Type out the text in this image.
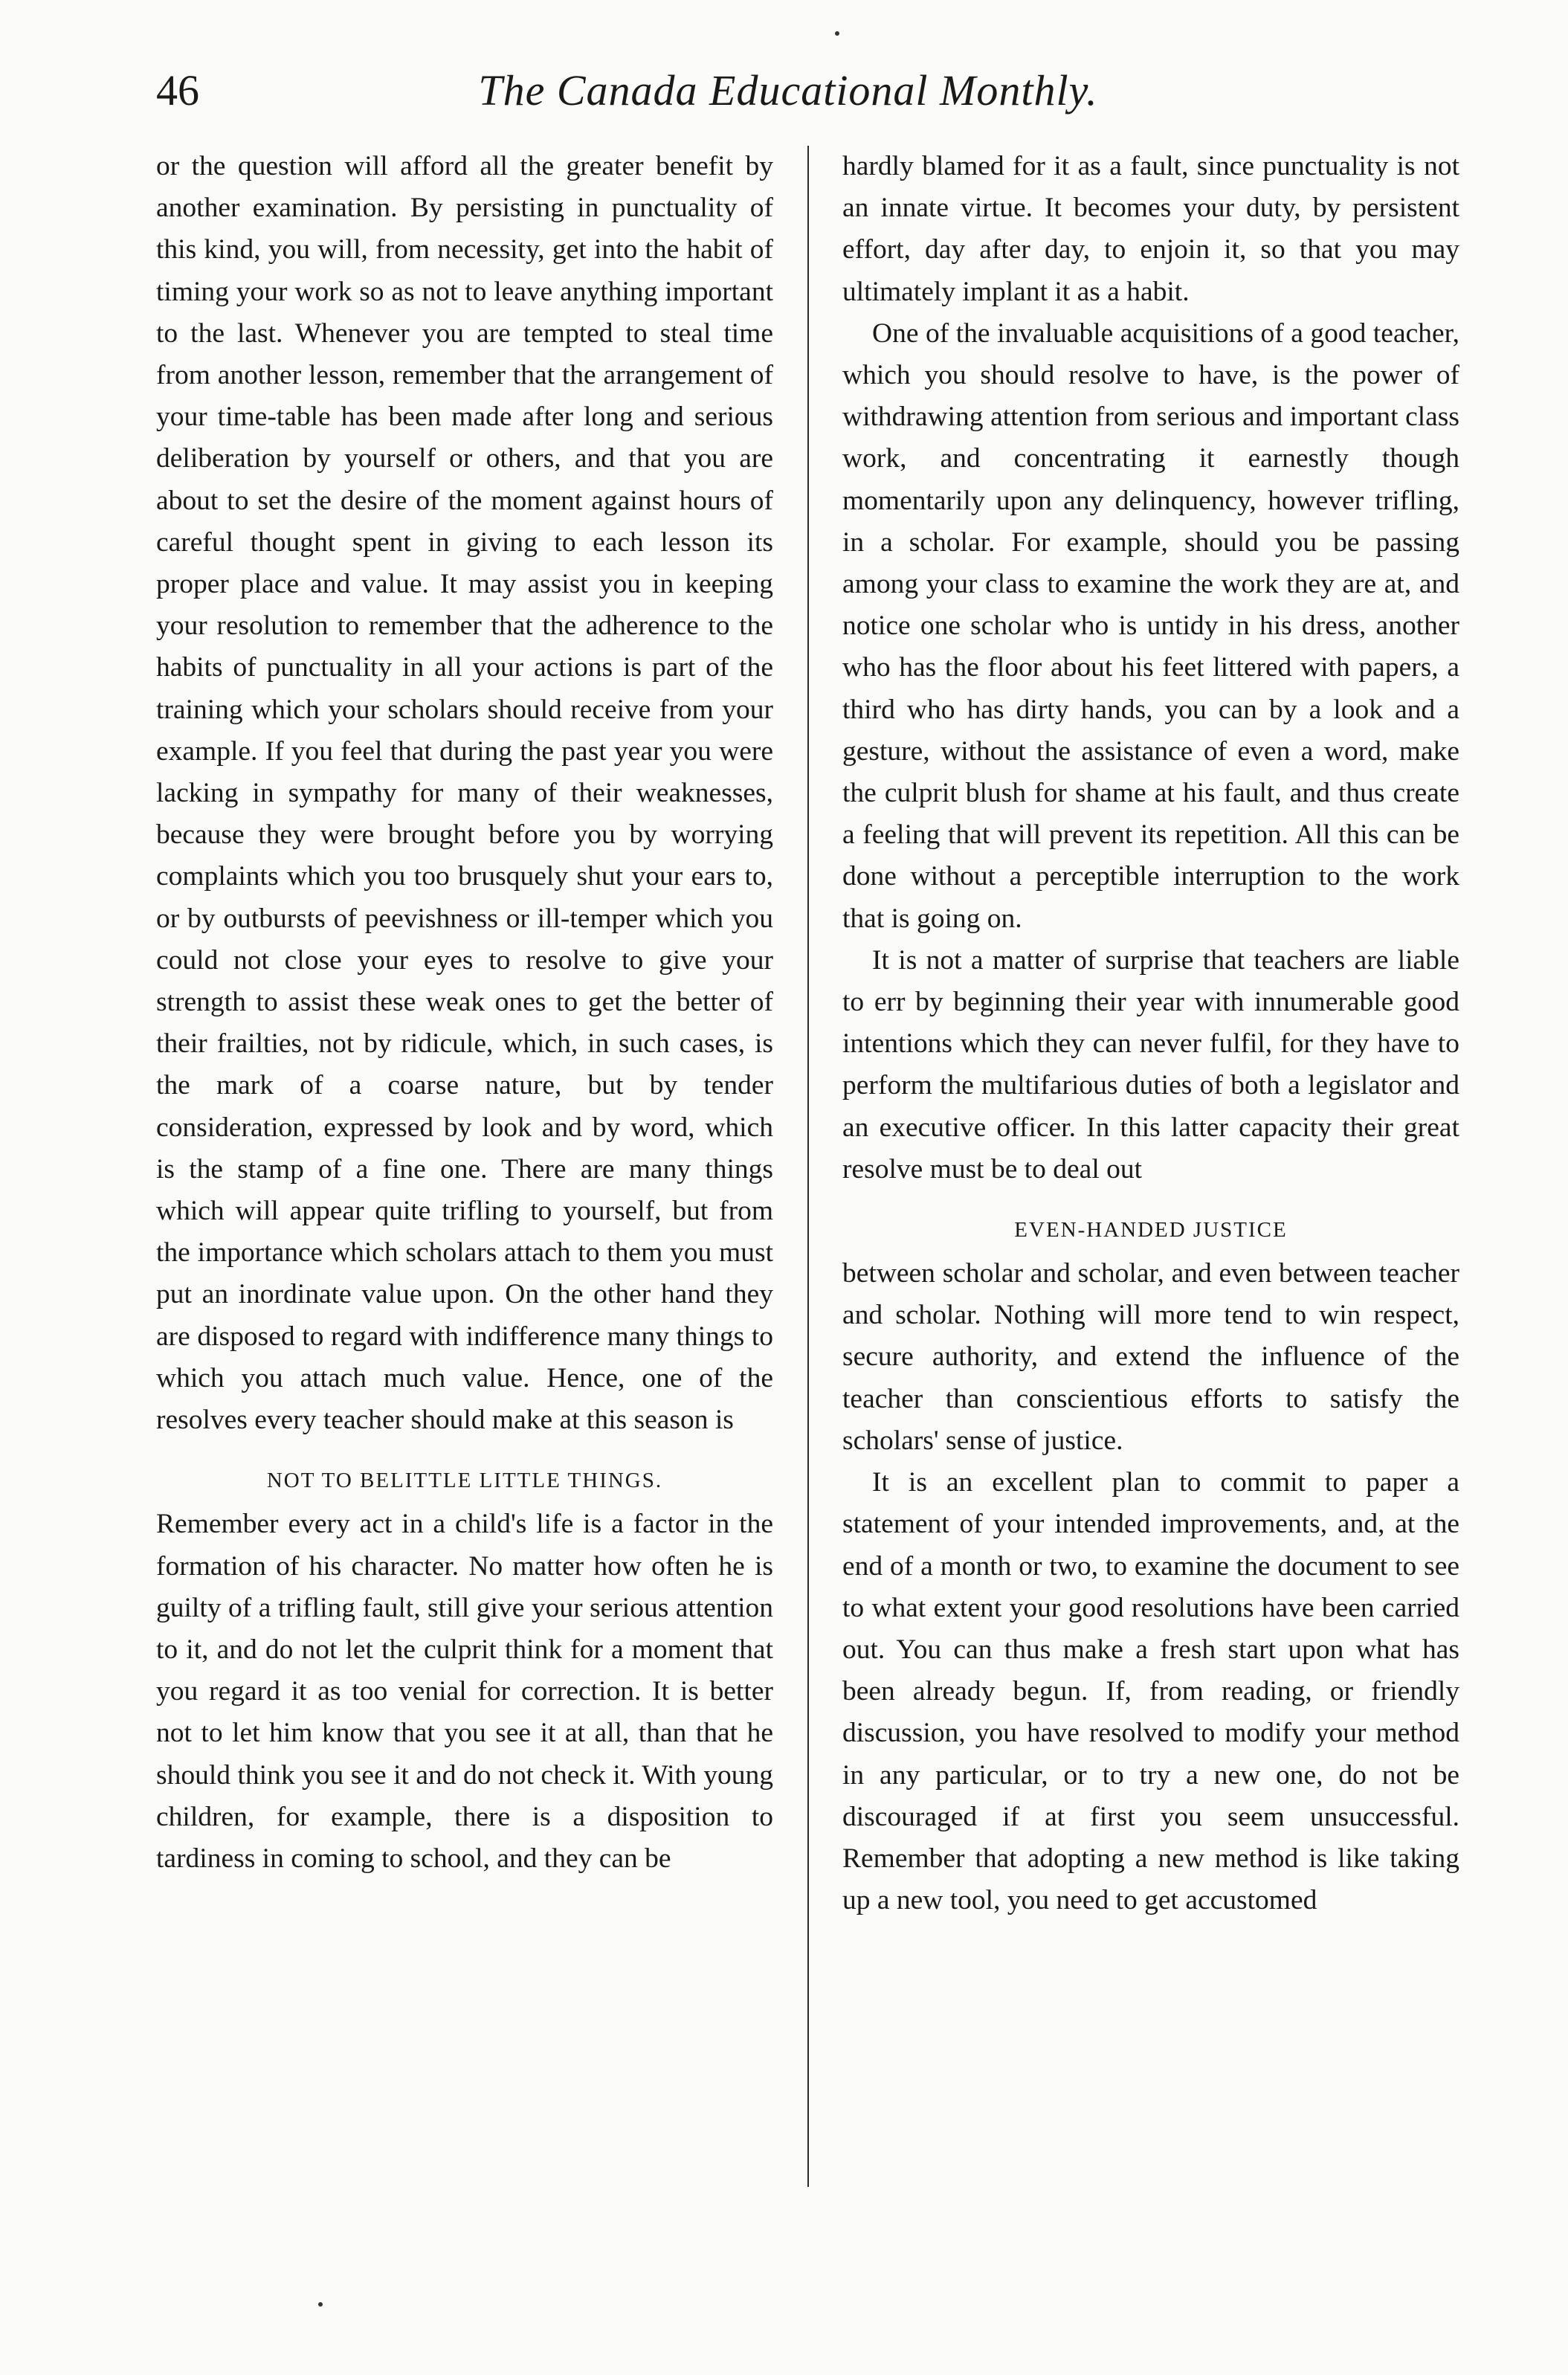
46	The Canada Educational Monthly.

or the question will afford all the greater benefit by another examination. By persisting in punctuality of this kind, you will, from necessity, get into the habit of timing your work so as not to leave anything important to the last. Whenever you are tempted to steal time from another lesson, remember that the arrangement of your time-table has been made after long and serious deliberation by yourself or others, and that you are about to set the desire of the moment against hours of careful thought spent in giving to each lesson its proper place and value. It may assist you in keeping your resolution to remember that the adherence to the habits of punctuality in all your actions is part of the training which your scholars should receive from your example. If you feel that during the past year you were lacking in sympathy for many of their weaknesses, because they were brought before you by worrying complaints which you too brusquely shut your ears to, or by outbursts of peevishness or ill-temper which you could not close your eyes to resolve to give your strength to assist these weak ones to get the better of their frailties, not by ridicule, which, in such cases, is the mark of a coarse nature, but by tender consideration, expressed by look and by word, which is the stamp of a fine one. There are many things which will appear quite trifling to yourself, but from the importance which scholars attach to them you must put an inordinate value upon. On the other hand they are disposed to regard with indifference many things to which you attach much value. Hence, one of the resolves every teacher should make at this season is

NOT TO BELITTLE LITTLE THINGS.

Remember every act in a child's life is a factor in the formation of his character. No matter how often he is guilty of a trifling fault, still give your serious attention to it, and do not let the culprit think for a moment that you regard it as too venial for correction. It is better not to let him know that you see it at all, than that he should think you see it and do not check it. With young children, for example, there is a disposition to tardiness in coming to school, and they can be

hardly blamed for it as a fault, since punctuality is not an innate virtue. It becomes your duty, by persistent effort, day after day, to enjoin it, so that you may ultimately implant it as a habit.

One of the invaluable acquisitions of a good teacher, which you should resolve to have, is the power of withdrawing attention from serious and important class work, and concentrating it earnestly though momentarily upon any delinquency, however trifling, in a scholar. For example, should you be passing among your class to examine the work they are at, and notice one scholar who is untidy in his dress, another who has the floor about his feet littered with papers, a third who has dirty hands, you can by a look and a gesture, without the assistance of even a word, make the culprit blush for shame at his fault, and thus create a feeling that will prevent its repetition. All this can be done without a perceptible interruption to the work that is going on.

It is not a matter of surprise that teachers are liable to err by beginning their year with innumerable good intentions which they can never fulfil, for they have to perform the multifarious duties of both a legislator and an executive officer. In this latter capacity their great resolve must be to deal out

EVEN-HANDED JUSTICE

between scholar and scholar, and even between teacher and scholar. Nothing will more tend to win respect, secure authority, and extend the influence of the teacher than conscientious efforts to satisfy the scholars' sense of justice.

It is an excellent plan to commit to paper a statement of your intended improvements, and, at the end of a month or two, to examine the document to see to what extent your good resolutions have been carried out. You can thus make a fresh start upon what has been already begun. If, from reading, or friendly discussion, you have resolved to modify your method in any particular, or to try a new one, do not be discouraged if at first you seem unsuccessful. Remember that adopting a new method is like taking up a new tool, you need to get accustomed
